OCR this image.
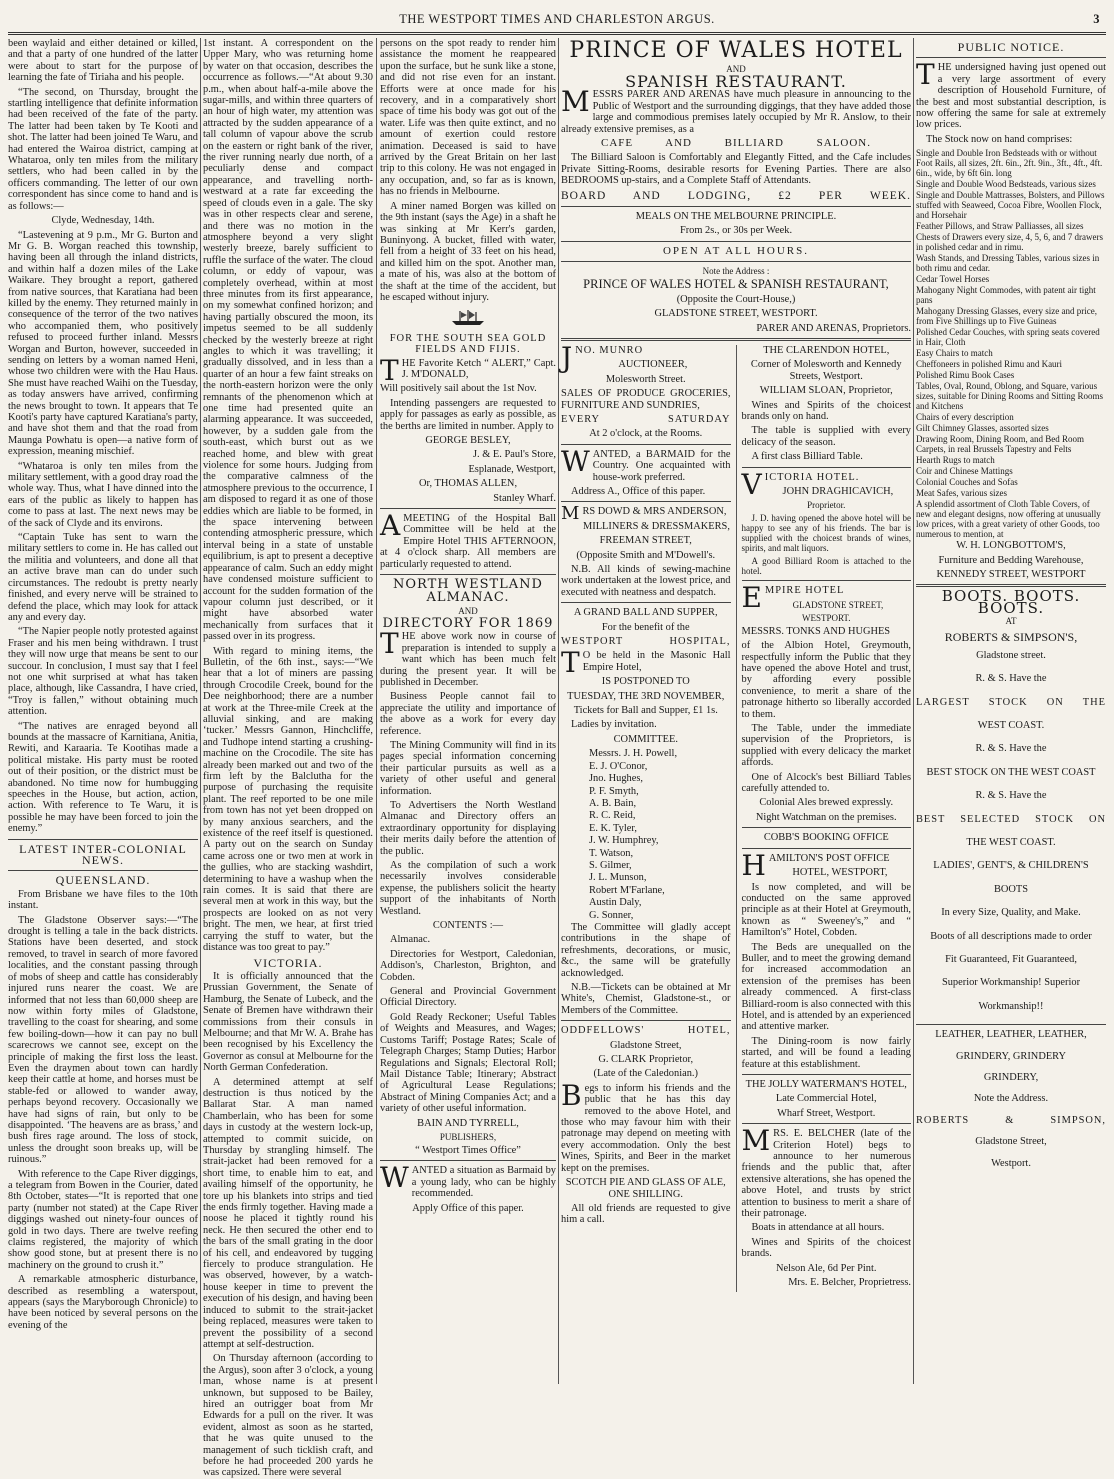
THE WESTPORT TIMES AND CHARLESTON ARGUS.	3

been waylaid and either detained or killed, and that a party of one hundred of the latter were about to start for the purpose of learning the fate of Tiriaha and his people.

“The second, on Thursday, brought the startling intelligence that definite information had been received of the fate of the party. The latter had been taken by Te Kooti and shot. The latter had been joined Te Waru, and had entered the Wairoa district, camping at Whataroa, only ten miles from the military settlers, who had been called in by the officers commanding. The letter of our own correspondent has since come to hand and is as follows:—

Clyde, Wednesday, 14th.

“Lastevening at 9 p.m., Mr G. Burton and Mr G. B. Worgan reached this township, having been all through the inland districts, and within half a dozen miles of the Lake Waikare. They brought a report, gathered from native sources, that Karatiana had been killed by the enemy. They returned mainly in consequence of the terror of the two natives who accompanied them, who positively refused to proceed further inland. Messrs Worgan and Burton, however, succeeded in sending on letters by a woman named Heni, whose two children were with the Hau Haus. She must have reached Waihi on the Tuesday, as today answers have arrived, confirming the news brought to town. It appears that Te Kooti's party have captured Karatiana's party, and have shot them and that the road from Maunga Powhatu is open—a native form of expression, meaning mischief.

“Whataroa is only ten miles from the military settlement, with a good dray road the whole way. Thus, what I have dinned into the ears of the public as likely to happen has come to pass at last. The next news may be of the sack of Clyde and its environs.

“Captain Tuke has sent to warn the military settlers to come in. He has called out the militia and volunteers, and done all that an active brave man can do under such circumstances. The redoubt is pretty nearly finished, and every nerve will be strained to defend the place, which may look for attack any and every day.

“The Napier people notly protested against Fraser and his men being withdrawn. I trust they will now urge that means be sent to our succour. In conclusion, I must say that I feel not one whit surprised at what has taken place, although, like Cassandra, I have cried, “Troy is fallen,” without obtaining much attention.

“The natives are enraged beyond all bounds at the massacre of Karnitiana, Anitia, Rewiti, and Karaaria. Te Kootihas made a political mistake. His party must be rooted out of their position, or the district must be abandoned. No time now for humbugging speeches in the House, but action, action, action. With reference to Te Waru, it is possible he may have been forced to join the enemy.”

LATEST INTER-COLONIAL NEWS.
QUEENSLAND.

From Brisbane we have files to the 10th instant.

The Gladstone Observer says:—“The drought is telling a tale in the back districts. Stations have been deserted, and stock removed, to travel in search of more favored localities, and the constant passing through of mobs of sheep and cattle has considerably injured runs nearer the coast. We are informed that not less than 60,000 sheep are now within forty miles of Gladstone, travelling to the coast for shearing, and some few boiling-down—how it can pay no bull scarecrows we cannot see, except on the principle of making the first loss the least. Even the draymen about town can hardly keep their cattle at home, and horses must be stable-fed or allowed to wander away, perhaps beyond recovery. Occasionally we have had signs of rain, but only to be disappointed. ‘The heavens are as brass,’ and bush fires rage around. The loss of stock, unless the drought soon breaks up, will be ruinous.”

With reference to the Cape River diggings, a telegram from Bowen in the Courier, dated 8th October, states—“It is reported that one party (number not stated) at the Cape River diggings washed out ninety-four ounces of gold in two days. There are twelve reefing claims registered, the majority of which show good stone, but at present there is no machinery on the ground to crush it.”

A remarkable atmospheric disturbance, described as resembling a waterspout, appears (says the Maryborough Chronicle) to have been noticed by several persons on the evening of the

1st instant. A correspondent on the Upper Mary, who was returning home by water on that occasion, describes the occurrence as follows.—“At about 9.30 p.m., when about half-a-mile above the sugar-mills, and within three quarters of an hour of high water, my attention was attracted by the sudden appearance of a tall column of vapour above the scrub on the eastern or right bank of the river, the river running nearly due north, of a peculiarly dense and compact appearance, and travelling north-westward at a rate far exceeding the speed of clouds even in a gale. The sky was in other respects clear and serene, and there was no motion in the atmosphere beyond a very slight westerly breeze, barely sufficient to ruffle the surface of the water. The cloud column, or eddy of vapour, was completely overhead, within at most three minutes from its first appearance, on my somewhat confined horizon; and having partially obscured the moon, its impetus seemed to be all suddenly checked by the westerly breeze at right angles to which it was travelling; it gradually dissolved, and in less than a quarter of an hour a few faint streaks on the north-eastern horizon were the only remnants of the phenomenon which at one time had presented quite an alarming appearance. It was succeeded, however, by a sudden gale from the south-east, which burst out as we reached home, and blew with great violence for some hours. Judging from the comparative calmness of the atmosphere previous to the occurrence, I am disposed to regard it as one of those eddies which are liable to be formed, in the space intervening between contending atmospheric pressure, which interval being in a state of unstable equilibrium, is apt to present a deceptive appearance of calm. Such an eddy might have condensed moisture sufficient to account for the sudden formation of the vapour column just described, or it might have absorbed water mechanically from surfaces that it passed over in its progress.

With regard to mining items, the Bulletin, of the 6th inst., says:—“We hear that a lot of miners are passing through Crocodile Creek, bound for the Dee neighborhood; there are a number at work at the Three-mile Creek at the alluvial sinking, and are making ‘tucker.’ Messrs Gannon, Hinchcliffe, and Tudhope intend starting a crushing-machine on the Crocodile. The site has already been marked out and two of the firm left by the Balclutha for the purpose of purchasing the requisite plant. The reef reported to be one mile from town has not yet been dropped on by many anxious searchers, and the existence of the reef itself is questioned. A party out on the search on Sunday came across one or two men at work in the gullies, who are stacking washdirt, determining to have a washup when the rain comes. It is said that there are several men at work in this way, but the prospects are looked on as not very bright. The men, we hear, at first tried carrying the stuff to water, but the distance was too great to pay.”

VICTORIA.

It is officially announced that the Prussian Government, the Senate of Hamburg, the Senate of Lubeck, and the Senate of Bremen have withdrawn their commissions from their consuls in Melbourne; and that Mr W. A. Brahe has been recognised by his Excellency the Governor as consul at Melbourne for the North German Confederation.

A determined attempt at self destruction is thus noticed by the Ballarat Star. A man named Chamberlain, who has been for some days in custody at the western lock-up, attempted to commit suicide, on Thursday by strangling himself. The strait-jacket had been removed for a short time, to enable him to eat, and availing himself of the opportunity, he tore up his blankets into strips and tied the ends firmly together. Having made a noose he placed it tightly round his neck. He then secured the other end to the bars of the small grating in the door of his cell, and endeavored by tugging fiercely to produce strangulation. He was observed, however, by a watch-house keeper in time to prevent the execution of his design, and having been induced to submit to the strait-jacket being replaced, measures were taken to prevent the possibility of a second attempt at self-destruction.

On Thursday afternoon (according to the Argus), soon after 3 o'clock, a young man, whose name is at present unknown, but supposed to be Bailey, hired an outrigger boat from Mr Edwards for a pull on the river. It was evident, almost as soon as he started, that he was quite unused to the management of such ticklish craft, and before he had proceeded 200 yards he was capsized. There were several

persons on the spot ready to render him assistance the moment he reappeared upon the surface, but he sunk like a stone, and did not rise even for an instant. Efforts were at once made for his recovery, and in a comparatively short space of time his body was got out of the water. Life was then quite extinct, and no amount of exertion could restore animation. Deceased is said to have arrived by the Great Britain on her last trip to this colony. He was not engaged in any occupation, and, so far as is known, has no friends in Melbourne.

A miner named Borgen was killed on the 9th instant (says the Age) in a shaft he was sinking at Mr Kerr's garden, Buninyong. A bucket, filled with water, fell from a height of 33 feet on his head, and killed him on the spot. Another man, a mate of his, was also at the bottom of the shaft at the time of the accident, but he escaped without injury.

FOR THE SOUTH SEA GOLD FIELDS AND FIJIS.

THE Favorite Ketch “ ALERT,” Capt. J. M'DONALD,

Will positively sail about the 1st Nov.

Intending passengers are requested to apply for passages as early as possible, as the berths are limited in number. Apply to

GEORGE BESLEY,

J. & E. Paul's Store,

Esplanade, Westport,

Or, THOMAS ALLEN,

Stanley Wharf.

AMEETING of the Hospital Ball Committee will be held at the Empire Hotel THIS AFTERNOON, at 4 o'clock sharp. All members are particularly requested to attend.

NORTH WESTLAND
ALMANAC.
AND
DIRECTORY FOR 1869

THE above work now in course of preparation is intended to supply a want which has been much felt during the present year. It will be published in December.

Business People cannot fail to appreciate the utility and importance of the above as a work for every day reference.

The Mining Community will find in its pages special information concerning their particular pursuits as well as a variety of other useful and general information.

To Advertisers the North Westland Almanac and Directory offers an extraordinary opportunity for displaying their merits daily before the attention of the public.

As the compilation of such a work necessarily involves considerable expense, the publishers solicit the hearty support of the inhabitants of North Westland.

CONTENTS :—

Almanac.

Directories for Westport, Caledonian, Addison's, Charleston, Brighton, and Cobden.

General and Provincial Government Official Directory.

Gold Ready Reckoner; Useful Tables of Weights and Measures, and Wages; Customs Tariff; Postage Rates; Scale of Telegraph Charges; Stamp Duties; Harbor Regulations and Signals; Electoral Roll; Mail Distance Table; Itinerary; Abstract of Agricultural Lease Regulations; Abstract of Mining Companies Act; and a variety of other useful information.

BAIN AND TYRRELL,

PUBLISHERS,

“ Westport Times Office”

WANTED a situation as Barmaid by a young lady, who can be highly recommended.

Apply Office of this paper.

PRINCE OF WALES HOTEL
AND
SPANISH RESTAURANT.

MESSRS PARER AND ARENAS have much pleasure in announcing to the Public of Westport and the surrounding diggings, that they have added those large and commodious premises lately occupied by Mr R. Anslow, to their already extensive premises, as a

CAFE AND BILLIARD SALOON.

The Billiard Saloon is Comfortably and Elegantly Fitted, and the Cafe includes Private Sitting-Rooms, desirable resorts for Evening Parties. There are also BEDROOMS up-stairs, and a Complete Staff of Attendants.

BOARD AND LODGING, £2 PER WEEK.

MEALS ON THE MELBOURNE PRINCIPLE.

From 2s., or 30s per Week.

OPEN AT ALL HOURS.

Note the Address :

PRINCE OF WALES HOTEL & SPANISH RESTAURANT,

(Opposite the Court-House,)

GLADSTONE STREET, WESTPORT.

PARER AND ARENAS, Proprietors.

JNO. MUNRO

AUCTIONEER,

Molesworth Street.

SALES OF PRODUCE GROCERIES, FURNITURE AND SUNDRIES,

EVERY SATURDAY

At 2 o'clock, at the Rooms.

WANTED, a BARMAID for the Country. One acquainted with house-work preferred.

Address A., Office of this paper.

MRS DOWD & MRS ANDERSON,

MILLINERS & DRESSMAKERS,

FREEMAN STREET,

(Opposite Smith and M'Dowell's.

N.B. All kinds of sewing-machine work undertaken at the lowest price, and executed with neatness and despatch.

A GRAND BALL AND SUPPER,

For the benefit of the

WESTPORT HOSPITAL,

T O be held in the Masonic Hall Empire Hotel,

IS POSTPONED TO

TUESDAY, THE 3RD NOVEMBER,

Tickets for Ball and Supper, £1 1s.

Ladies by invitation.

COMMITTEE.

Messrs. J. H. Powell,
E. J. O'Conor,
Jno. Hughes,
P. F. Smyth,
A. B. Bain,
R. C. Reid,
E. K. Tyler,
J. W. Humphrey,
T. Watson,
S. Gilmer,
J. L. Munson,
Robert M'Farlane,
Austin Daly,
G. Sonner,

The Committee will gladly accept contributions in the shape of refreshments, decorations, or music, &c., the same will be gratefully acknowledged.

N.B.—Tickets can be obtained at Mr White's, Chemist, Gladstone-st., or Members of the Committee.

ODDFELLOWS' HOTEL,

Gladstone Street,

G. CLARK Proprietor,

(Late of the Caledonian.)

Begs to inform his friends and the public that he has this day removed to the above Hotel, and those who may favour him with their patronage may depend on meeting with every accommodation. Only the best Wines, Spirits, and Beer in the market kept on the premises.

SCOTCH PIE AND GLASS OF ALE, ONE SHILLING.

All old friends are requested to give him a call.

THE CLARENDON HOTEL,

Corner of Molesworth and Kennedy Streets, Westport.

WILLIAM SLOAN, Proprietor,

Wines and Spirits of the choicest brands only on hand.

The table is supplied with every delicacy of the season.

A first class Billiard Table.

VICTORIA HOTEL.

JOHN DRAGHICAVICH,

Proprietor.

J. D. having opened the above hotel will be happy to see any of his friends. The bar is supplied with the choicest brands of wines, spirits, and malt liquors.

A good Billiard Room is attached to the hotel.

EMPIRE HOTEL

GLADSTONE STREET,

WESTPORT.

MESSRS. TONKS AND HUGHES

of the Albion Hotel, Greymouth, respectfully inform the Public that they have opened the above Hotel and trust, by affording every possible convenience, to merit a share of the patronage hitherto so liberally accorded to them.

The Table, under the immediate supervision of the Proprietors, is supplied with every delicacy the market affords.

One of Alcock's best Billiard Tables carefully attended to.

Colonial Ales brewed expressly.

Night Watchman on the premises.

COBB'S BOOKING OFFICE

HAMILTON'S POST OFFICE

HOTEL, WESTPORT,

Is now completed, and will be conducted on the same approved principle as at their Hotel at Greymouth, known as “ Sweeney's,” and “ Hamilton's” Hotel, Cobden.

The Beds are unequalled on the Buller, and to meet the growing demand for increased accommodation an extension of the premises has been already commenced. A first-class Billiard-room is also connected with this Hotel, and is attended by an experienced and attentive marker.

The Dining-room is now fairly started, and will be found a leading feature at this establishment.

THE JOLLY WATERMAN'S HOTEL,

Late Commercial Hotel,

Wharf Street, Westport.

MRS. E. BELCHER (late of the Criterion Hotel) begs to announce to her numerous friends and the public that, after extensive alterations, she has opened the above Hotel, and trusts by strict attention to business to merit a share of their patronage.

Boats in attendance at all hours.

Wines and Spirits of the choicest brands.

Nelson Ale, 6d Per Pint.

Mrs. E. Belcher, Proprietress.

PUBLIC NOTICE.

THE undersigned having just opened out a very large assortment of every description of Household Furniture, of the best and most substantial description, is now offering the same for sale at extremely low prices.

The Stock now on hand comprises:

Single and Double Iron Bedsteads with or without Foot Rails, all sizes, 2ft. 6in., 2ft. 9in., 3ft., 4ft., 4ft. 6in., wide, by 6ft 6in. long
Single and Double Wood Bedsteads, various sizes
Single and Double Mattrasses, Bolsters, and Pillows stuffed with Seaweed, Cocoa Fibre, Woollen Flock, and Horsehair
Feather Pillows, and Straw Palliasses, all sizes
Chests of Drawers every size, 4, 5, 6, and 7 drawers in polished cedar and in rimu.
Wash Stands, and Dressing Tables, various sizes in both rimu and cedar.
Cedar Towel Horses
Mahogany Night Commodes, with patent air tight pans
Mahogany Dressing Glasses, every size and price, from Five Shillings up to Five Guineas
Polished Cedar Couches, with spring seats covered in Hair, Cloth
Easy Chairs to match
Cheffoneers in polished Rimu and Kauri
Polished Rimu Book Cases
Tables, Oval, Round, Oblong, and Square, various sizes, suitable for Dining Rooms and Sitting Rooms and Kitchens
Chairs of every description
Gilt Chimney Glasses, assorted sizes
Drawing Room, Dining Room, and Bed Room Carpets, in real Brussels Tapestry and Felts
Hearth Rugs to match
Coir and Chinese Mattings
Colonial Couches and Sofas
Meat Safes, various sizes
A splendid assortment of Cloth Table Covers, of new and elegant designs, now offering at unusually low prices, with a great variety of other Goods, too numerous to mention, at

W. H. LONGBOTTOM'S,

Furniture and Bedding Warehouse,

KENNEDY STREET, WESTPORT

BOOTS. BOOTS. BOOTS.

AT

ROBERTS & SIMPSON'S,

Gladstone street.

R. & S. Have the

LARGEST STOCK ON THE

WEST COAST.

R. & S. Have the

BEST STOCK ON THE WEST COAST

R. & S. Have the

BEST SELECTED STOCK ON

THE WEST COAST.

LADIES', GENT'S, & CHILDREN'S

BOOTS

In every Size, Quality, and Make.

Boots of all descriptions made to order

Fit Guaranteed, Fit Guaranteed,

Superior Workmanship! Superior

Workmanship!!

LEATHER, LEATHER, LEATHER,

GRINDERY, GRINDERY

GRINDERY,

Note the Address.

ROBERTS & SIMPSON,

Gladstone Street,

Westport.
